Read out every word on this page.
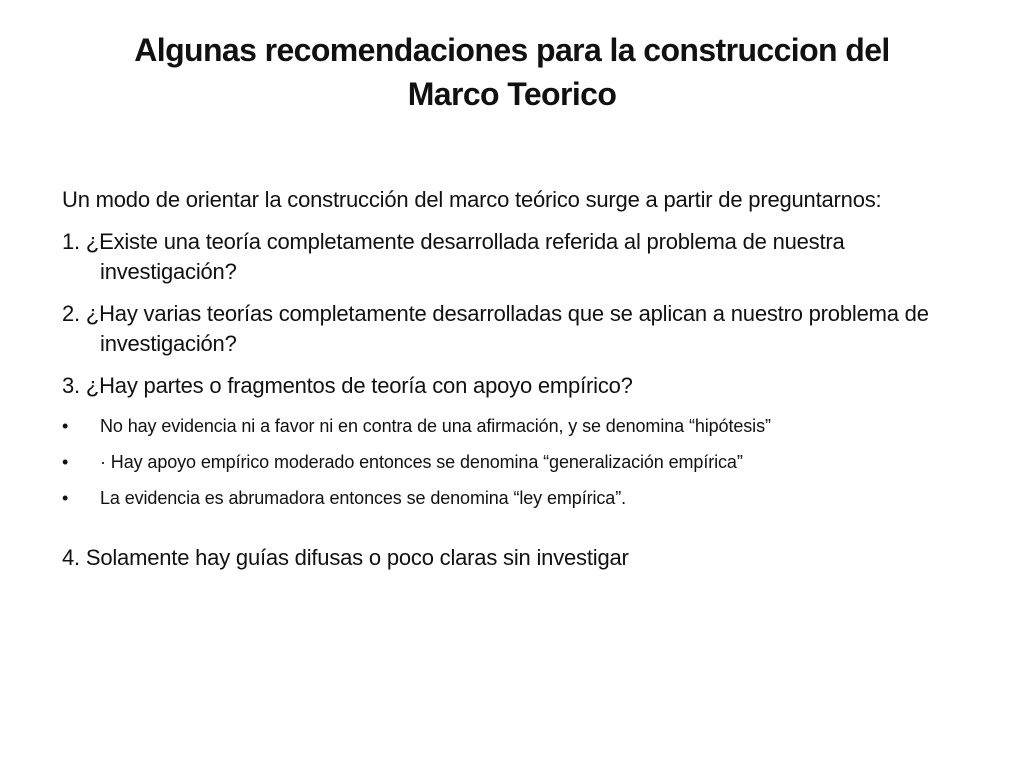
Algunas recomendaciones para la construccion del
Marco Teorico

Un modo de orientar la construcción del marco teórico surge a partir de preguntarnos:

1. ¿Existe una teoría completamente desarrollada referida al problema de nuestra investigación?

2. ¿Hay varias teorías completamente desarrolladas que se aplican a nuestro problema de investigación?

3. ¿Hay partes o fragmentos de teoría con apoyo empírico?

• No hay evidencia ni a favor ni en contra de una afirmación, y se denomina “hipótesis”
• · Hay apoyo empírico moderado entonces se denomina “generalización empírica”
• La evidencia es abrumadora entonces se denomina “ley empírica”.

4. Solamente hay guías difusas o poco claras sin investigar
